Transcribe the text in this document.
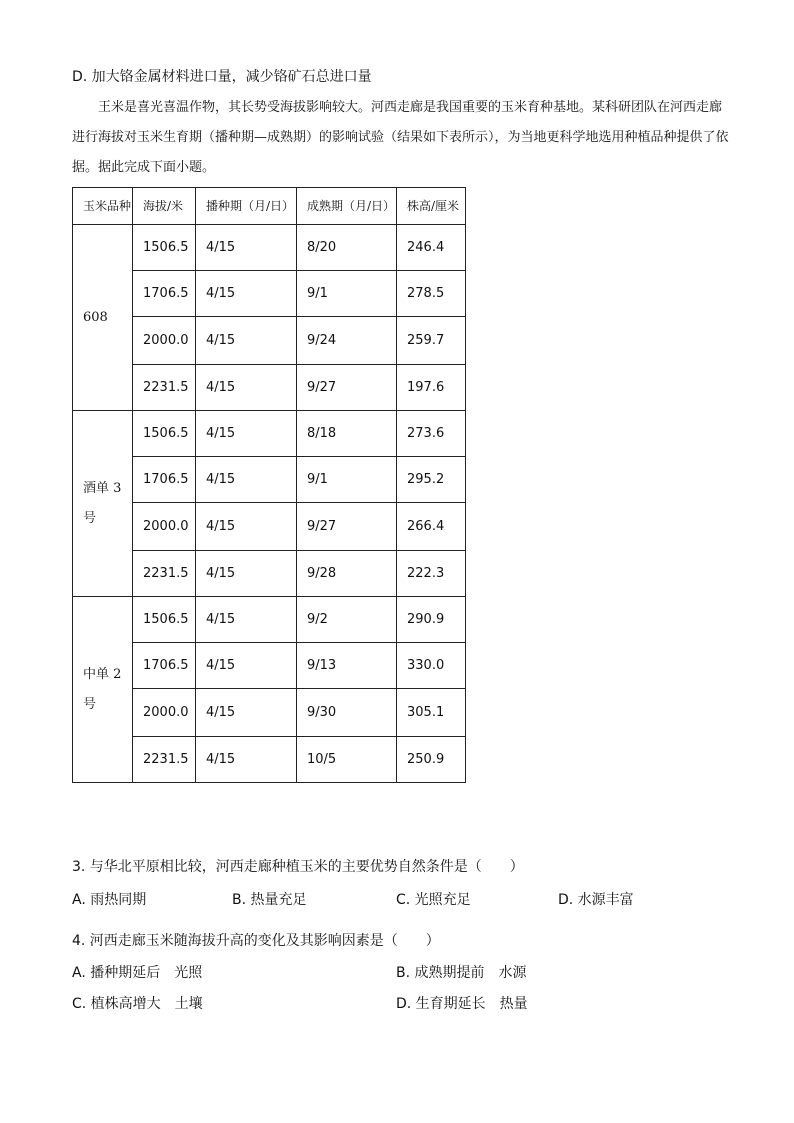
D. 加大铬金属材料进口量，减少铬矿石总进口量
王米是喜光喜温作物，其长势受海拔影响较大。河西走廊是我国重要的玉米育种基地。某科研团队在河西走廊进行海拔对玉米生育期（播种期—成熟期）的影响试验（结果如下表所示），为当地更科学地选用种植品种提供了依据。据此完成下面小题。
玉米品种	海拔/米	播种期（月/日）	成熟期（月/日）	株高/厘米
608	1506.5	4/15	8/20	246.4
	1706.5	4/15	9/1	278.5
	2000.0	4/15	9/24	259.7
	2231.5	4/15	9/27	197.6
酒单 3 号	1506.5	4/15	8/18	273.6
	1706.5	4/15	9/1	295.2
	2000.0	4/15	9/27	266.4
	2231.5	4/15	9/28	222.3
中单 2 号	1506.5	4/15	9/2	290.9
	1706.5	4/15	9/13	330.0
	2000.0	4/15	9/30	305.1
	2231.5	4/15	10/5	250.9
3. 与华北平原相比较，河西走廊种植玉米的主要优势自然条件是（　　）
A. 雨热同期	B. 热量充足	C. 光照充足	D. 水源丰富
4. 河西走廊玉米随海拔升高的变化及其影响因素是（　　）
A. 播种期延后　光照	B. 成熟期提前　水源
C. 植株高增大　土壤	D. 生育期延长　热量
